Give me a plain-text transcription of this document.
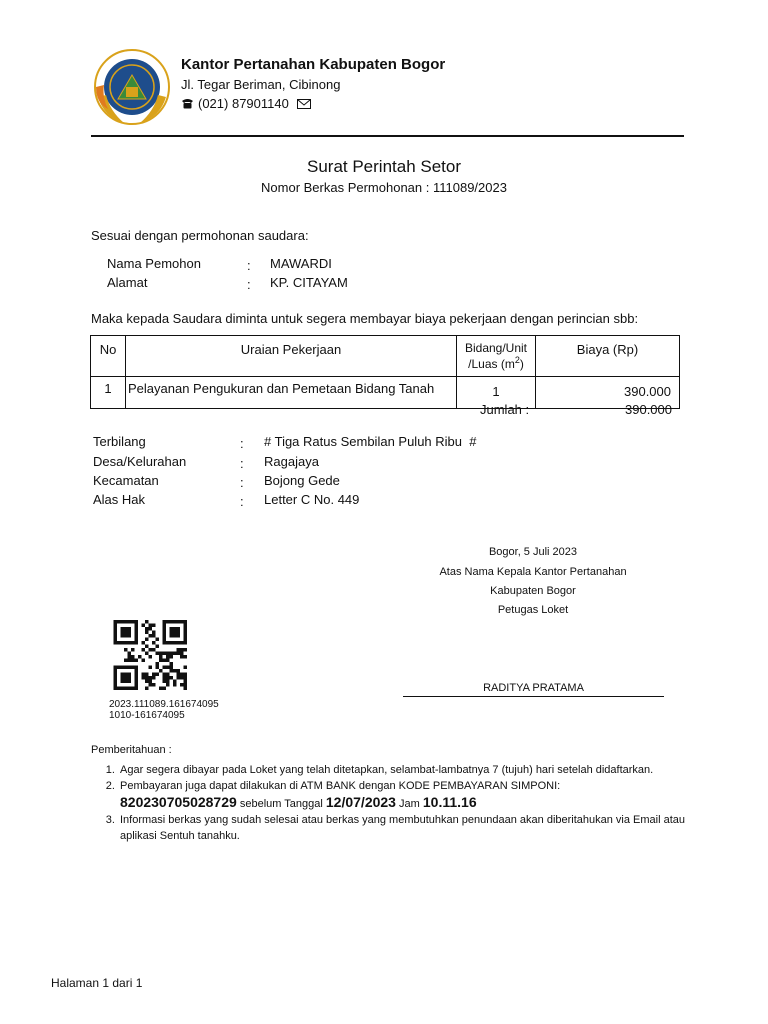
Kantor Pertanahan Kabupaten Bogor
Jl. Tegar Beriman, Cibinong
(021) 87901140
Surat Perintah Setor
Nomor Berkas Permohonan : 111089/2023
Sesuai dengan permohonan saudara:
Nama Pemohon	: MAWARDI
Alamat	: KP. CITAYAM
Maka kepada Saudara diminta untuk segera membayar biaya pekerjaan dengan perincian sbb:
No	Uraian Pekerjaan	Bidang/Unit
/Luas $(m^2)$	Biaya (Rp)
1	Pelayanan Pengukuran dan Pemetaan Bidang Tanah	1	390.000
Jumlah :	390.000
Terbilang	: # Tiga Ratus Sembilan Puluh Ribu  #
Desa/Kelurahan	: Ragajaya
Kecamatan	: Bojong Gede
Alas Hak	: Letter C No. 449
Bogor, 5 Juli 2023
Atas Nama Kepala Kantor Pertanahan
Kabupaten Bogor
Petugas Loket
RADITYA PRATAMA
2023.111089.161674095
1010-161674095
Pemberitahuan :
1. Agar segera dibayar pada Loket yang telah ditetapkan, selambat-lambatnya 7 (tujuh) hari setelah didaftarkan.
2. Pembayaran juga dapat dilakukan di ATM BANK dengan KODE PEMBAYARAN SIMPONI:
820230705028729 sebelum Tanggal 12/07/2023 Jam 10.11.16
3. Informasi berkas yang sudah selesai atau berkas yang membutuhkan penundaan akan diberitahukan via Email atau aplikasi Sentuh tanahku.
Halaman 1 dari 1
